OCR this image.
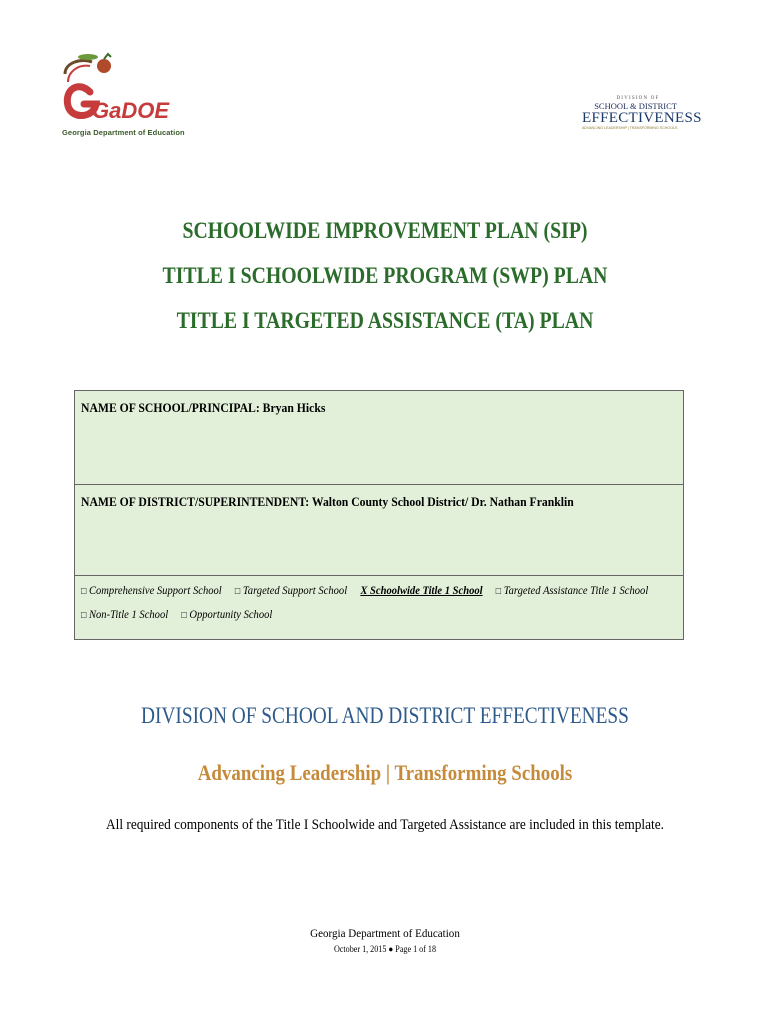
GaDOE
Georgia Department of Education
DIVISION OF
SCHOOL & DISTRICT
EFFECTIVENESS
ADVANCING LEADERSHIP | TRANSFORMING SCHOOLS
SCHOOLWIDE IMPROVEMENT PLAN (SIP)
TITLE I SCHOOLWIDE PROGRAM (SWP) PLAN
TITLE I TARGETED ASSISTANCE (TA) PLAN
NAME OF SCHOOL/PRINCIPAL: Bryan Hicks
NAME OF DISTRICT/SUPERINTENDENT: Walton County School District/ Dr. Nathan Franklin
□ Comprehensive Support School □ Targeted Support School X Schoolwide Title 1 School □ Targeted Assistance Title 1 School
□ Non-Title 1 School □ Opportunity School
DIVISION OF SCHOOL AND DISTRICT EFFECTIVENESS
Advancing Leadership | Transforming Schools
All required components of the Title I Schoolwide and Targeted Assistance are included in this template.
Georgia Department of Education
October 1, 2015 ● Page 1 of 18
